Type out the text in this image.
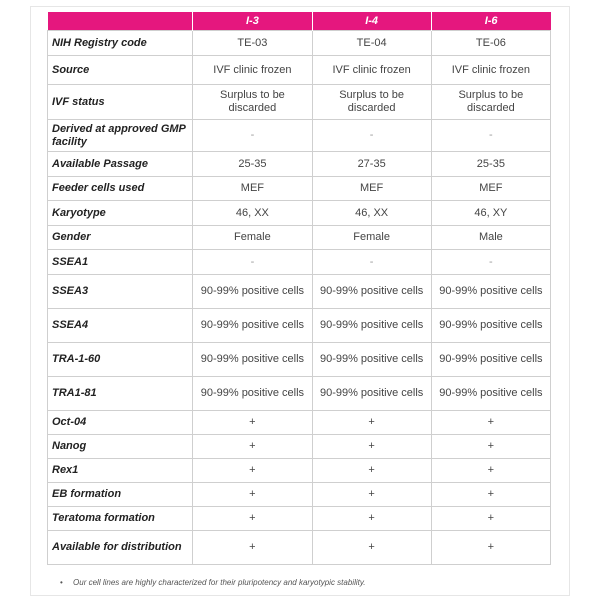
	I-3	I-4	I-6
NIH Registry code	TE-03	TE-04	TE-06
Source	IVF clinic frozen	IVF clinic frozen	IVF clinic frozen
IVF status	Surplus to be discarded	Surplus to be discarded	Surplus to be discarded
Derived at approved GMP facility	-	-	-
Available Passage	25-35	27-35	25-35
Feeder cells used	MEF	MEF	MEF
Karyotype	46, XX	46, XX	46, XY
Gender	Female	Female	Male
SSEA1	-	-	-
SSEA3	90-99% positive cells	90-99% positive cells	90-99% positive cells
SSEA4	90-99% positive cells	90-99% positive cells	90-99% positive cells
TRA-1-60	90-99% positive cells	90-99% positive cells	90-99% positive cells
TRA1-81	90-99% positive cells	90-99% positive cells	90-99% positive cells
Oct-04	+	+	+
Nanog	+	+	+
Rex1	+	+	+
EB formation	+	+	+
Teratoma formation	+	+	+
Available for distribution	+	+	+
• Our cell lines are highly characterized for their pluripotency and karyotypic stability.
